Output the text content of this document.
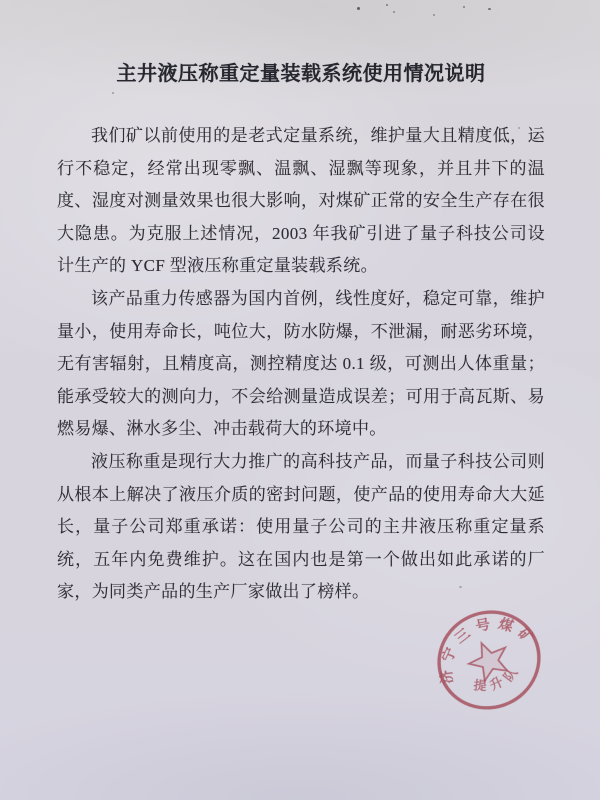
主井液压称重定量装载系统使用情况说明

我们矿以前使用的是老式定量系统，维护量大且精度低，运行不稳定，经常出现零飘、温飘、湿飘等现象，并且井下的温度、湿度对测量效果也很大影响，对煤矿正常的安全生产存在很大隐患。为克服上述情况，2003 年我矿引进了量子科技公司设计生产的 YCF 型液压称重定量装载系统。

该产品重力传感器为国内首例，线性度好，稳定可靠，维护量小，使用寿命长，吨位大，防水防爆，不泄漏，耐恶劣环境，无有害辐射，且精度高，测控精度达 0.1 级，可测出人体重量；能承受较大的测向力，不会给测量造成误差；可用于高瓦斯、易燃易爆、淋水多尘、冲击载荷大的环境中。

液压称重是现行大力推广的高科技产品，而量子科技公司则从根本上解决了液压介质的密封问题，使产品的使用寿命大大延长，量子公司郑重承诺：使用量子公司的主井液压称重定量系统，五年内免费维护。这在国内也是第一个做出如此承诺的厂家，为同类产品的生产厂家做出了榜样。

济宁三号煤矿
提升队
